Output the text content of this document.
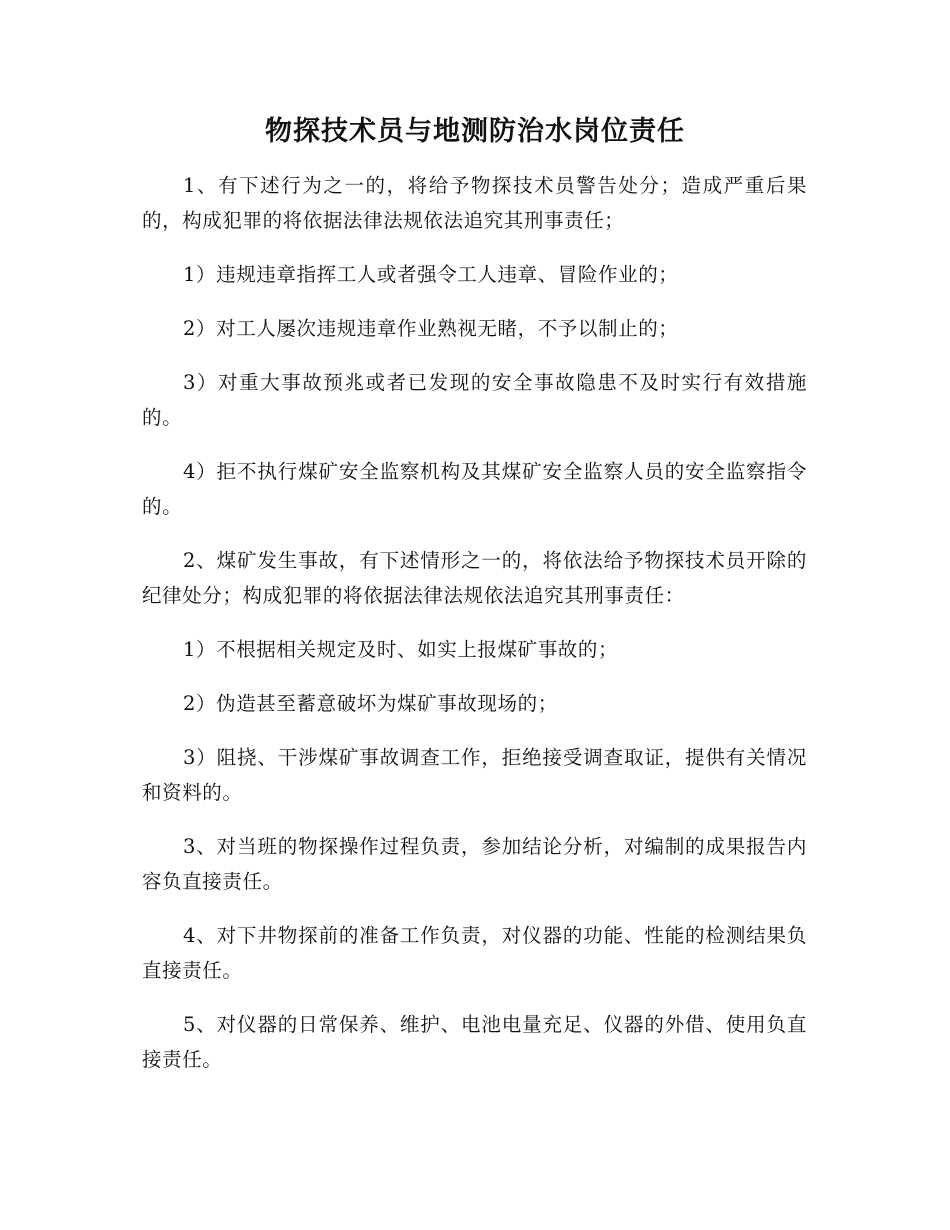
物探技术员与地测防治水岗位责任

1、有下述行为之一的，将给予物探技术员警告处分；造成严重后果的，构成犯罪的将依据法律法规依法追究其刑事责任；

1）违规违章指挥工人或者强令工人违章、冒险作业的；

2）对工人屡次违规违章作业熟视无睹，不予以制止的；

3）对重大事故预兆或者已发现的安全事故隐患不及时实行有效措施的。

4）拒不执行煤矿安全监察机构及其煤矿安全监察人员的安全监察指令的。

2、煤矿发生事故，有下述情形之一的，将依法给予物探技术员开除的纪律处分；构成犯罪的将依据法律法规依法追究其刑事责任：

1）不根据相关规定及时、如实上报煤矿事故的；

2）伪造甚至蓄意破坏为煤矿事故现场的；

3）阻挠、干涉煤矿事故调查工作，拒绝接受调查取证，提供有关情况和资料的。

3、对当班的物探操作过程负责，参加结论分析，对编制的成果报告内容负直接责任。

4、对下井物探前的准备工作负责，对仪器的功能、性能的检测结果负直接责任。

5、对仪器的日常保养、维护、电池电量充足、仪器的外借、使用负直接责任。
